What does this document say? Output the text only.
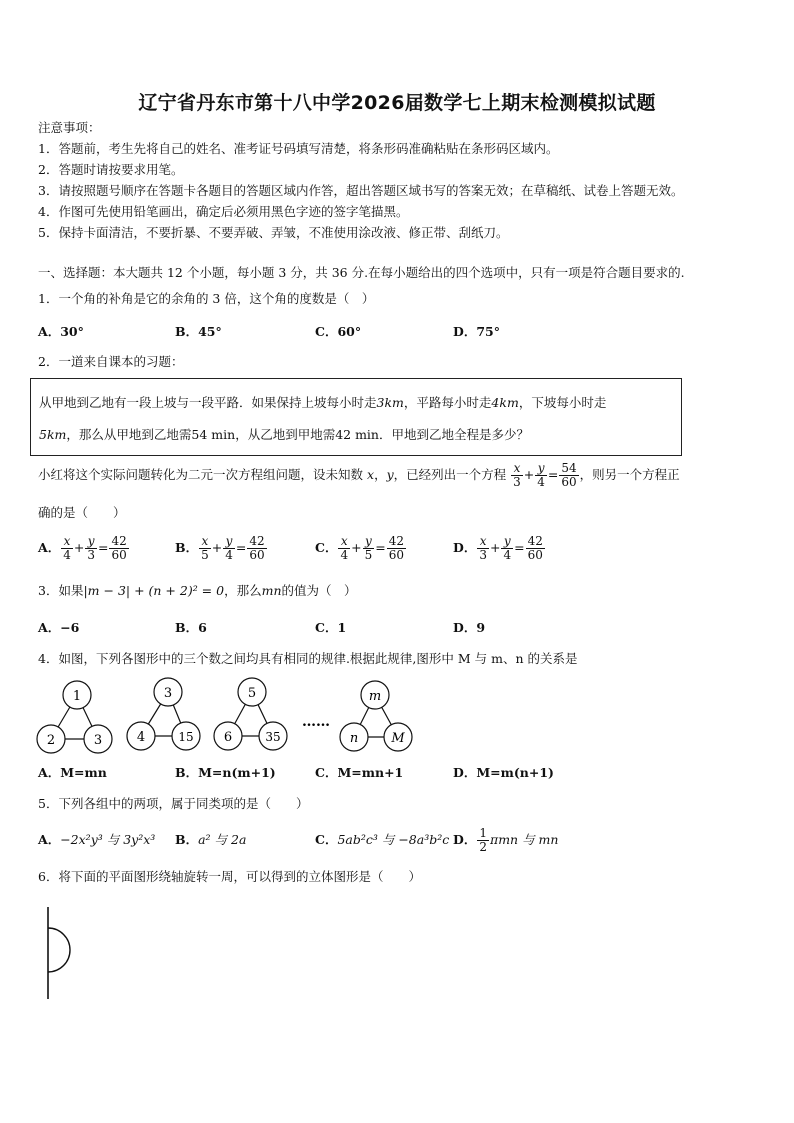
辽宁省丹东市第十八中学2026届数学七上期末检测模拟试题
注意事项：
1．答题前，考生先将自己的姓名、准考证号码填写清楚，将条形码准确粘贴在条形码区域内。
2．答题时请按要求用笔。
3．请按照题号顺序在答题卡各题目的答题区域内作答，超出答题区域书写的答案无效；在草稿纸、试卷上答题无效。
4．作图可先使用铅笔画出，确定后必须用黑色字迹的签字笔描黑。
5．保持卡面清洁，不要折暴、不要弄破、弄皱，不准使用涂改液、修正带、刮纸刀。
一、选择题：本大题共 12 个小题，每小题 3 分，共 36 分.在每小题给出的四个选项中，只有一项是符合题目要求的.
1．一个角的补角是它的余角的 3 倍，这个角的度数是（　）
A．30°	B．45°	C．60°	D．75°
2．一道来自课本的习题：
从甲地到乙地有一段上坡与一段平路．如果保持上坡每小时走3km，平路每小时走4km，下坡每小时走
5km，那么从甲地到乙地需54 min，从乙地到甲地需42 min．甲地到乙地全程是多少？
小红将这个实际问题转化为二元一次方程组问题，设未知数 x，y，已经列出一个方程 $\frac{x}{3} + \frac{y}{4} = \frac{54}{60}$ ，则另一个方程正
确的是（　　）
A． $\frac{x}{4} + \frac{y}{3} = \frac{42}{60}$	B． $\frac{x}{5} + \frac{y}{4} = \frac{42}{60}$	C． $\frac{x}{4} + \frac{y}{5} = \frac{42}{60}$	D． $\frac{x}{3} + \frac{y}{4} = \frac{42}{60}$
3．如果|m − 3| + (n + 2)² = 0，那么mn的值为（　）
A．−6	B．6	C．1	D．9
4．如图，下列各图形中的三个数之间均具有相同的规律.根据此规律,图形中 M 与 m、n 的关系是
1
2	3
3
4	15
5
6	35
……
m
n	M
A．M=mn	B．M=n(m+1)	C．M=mn+1	D．M=m(n+1)
5．下列各组中的两项，属于同类项的是（　　）
A．−2x²y³ 与 3y²x³ B．a² 与 2a	C．5ab²c³ 与 −8a³b²c D． $\frac{1}{2}$ πmn 与 mn
6．将下面的平面图形绕轴旋转一周，可以得到的立体图形是（　　）
